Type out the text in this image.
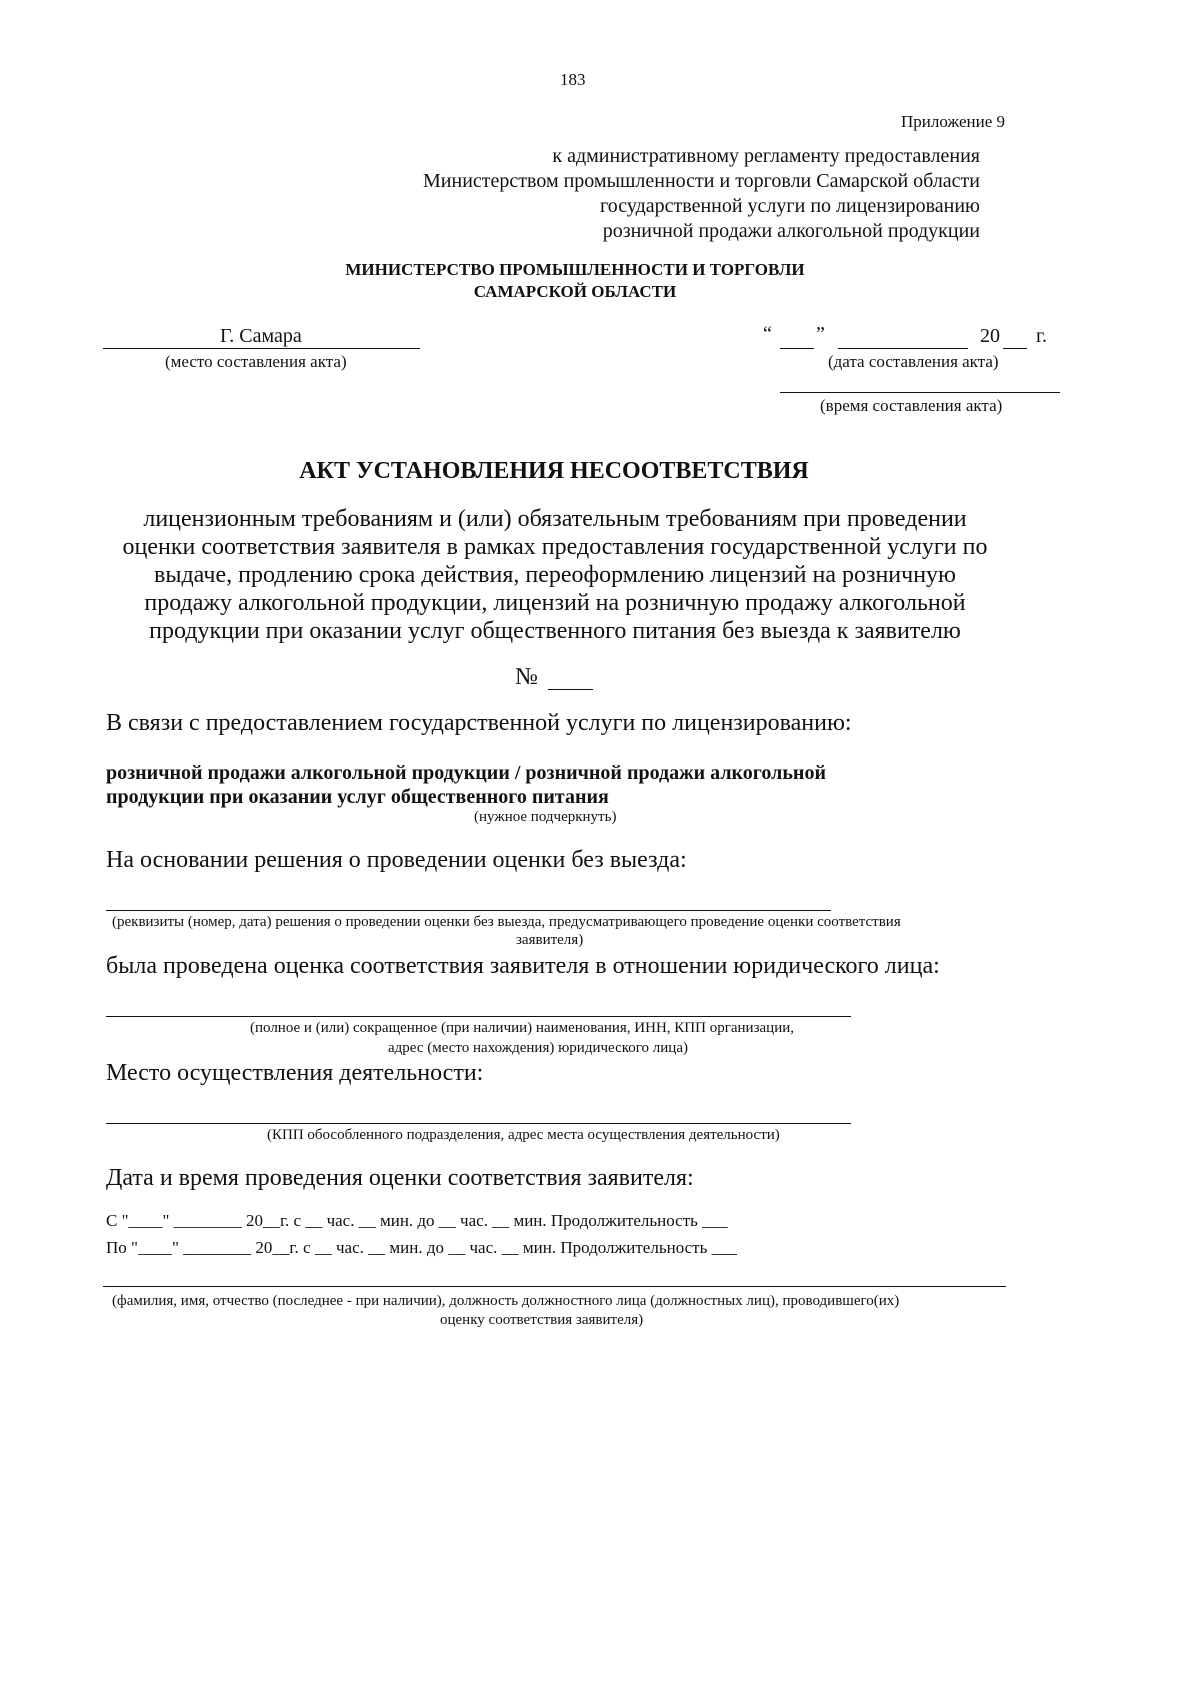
183
Приложение 9
к административному регламенту предоставления
Министерством промышленности и торговли Самарской области
государственной услуги по лицензированию
розничной продажи алкогольной продукции
МИНИСТЕРСТВО ПРОМЫШЛЕННОСТИ И ТОРГОВЛИ
САМАРСКОЙ ОБЛАСТИ
Г. Самара
(место составления акта)
“ ”	20 г.
(дата составления акта)
(время составления акта)
АКТ УСТАНОВЛЕНИЯ НЕСООТВЕТСТВИЯ
лицензионным требованиям и (или) обязательным требованиям при проведении
оценки соответствия заявителя в рамках предоставления государственной услуги по
выдаче, продлению срока действия, переоформлению лицензий на розничную
продажу алкогольной продукции, лицензий на розничную продажу алкогольной
продукции при оказании услуг общественного питания без выезда к заявителю
№
В связи с предоставлением государственной услуги по лицензированию:
розничной продажи алкогольной продукции / розничной продажи алкогольной
продукции при оказании услуг общественного питания
(нужное подчеркнуть)
На основании решения о проведении оценки без выезда:
(реквизиты (номер, дата) решения о проведении оценки без выезда, предусматривающего проведение оценки соответствия
заявителя)
была проведена оценка соответствия заявителя в отношении юридического лица:
(полное и (или) сокращенное (при наличии) наименования, ИНН, КПП организации,
адрес (место нахождения) юридического лица)
Место осуществления деятельности:
(КПП обособленного подразделения, адрес места осуществления деятельности)
Дата и время проведения оценки соответствия заявителя:
С "____" ________ 20__г. с __ час. __ мин. до __ час. __ мин. Продолжительность ___
По "____" ________ 20__г. с __ час. __ мин. до __ час. __ мин. Продолжительность ___
(фамилия, имя, отчество (последнее - при наличии), должность должностного лица (должностных лиц), проводившего(их)
оценку соответствия заявителя)
